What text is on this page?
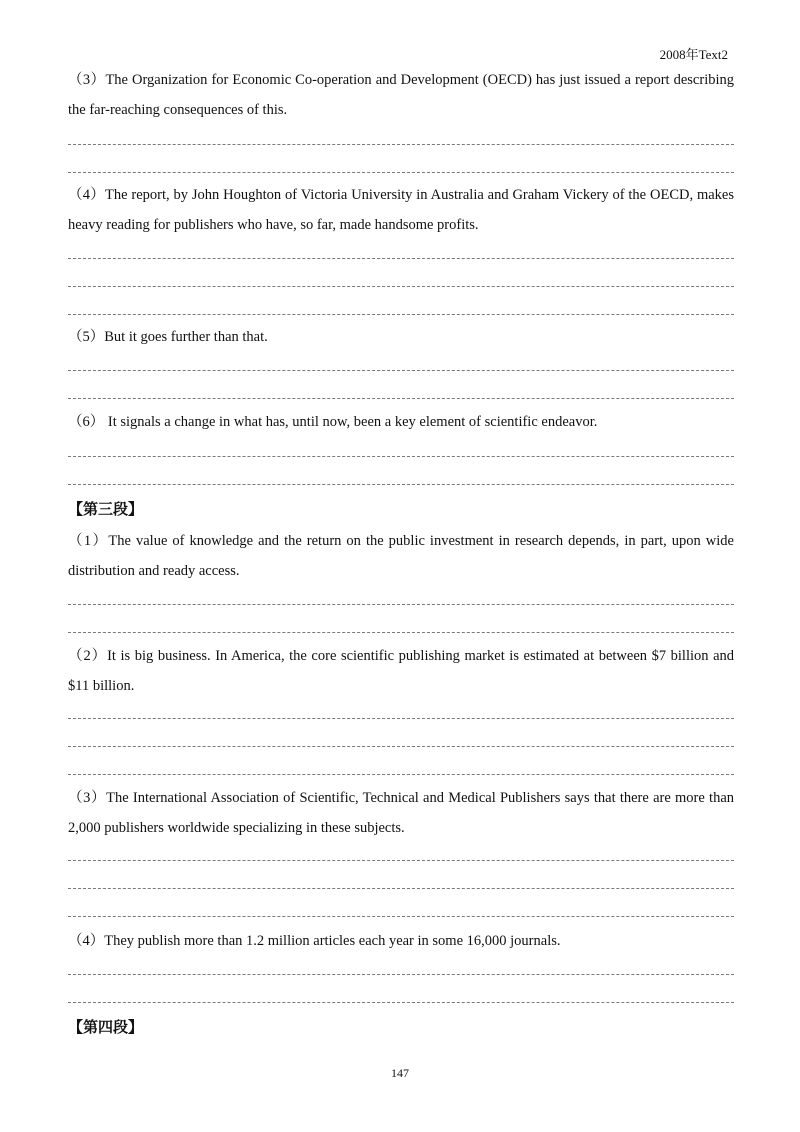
2008年Text2
（3）The Organization for Economic Co-operation and Development (OECD) has just issued a report describing the far-reaching consequences of this.
（4）The report, by John Houghton of Victoria University in Australia and Graham Vickery of the OECD, makes heavy reading for publishers who have, so far, made handsome profits.
（5）But it goes further than that.
（6） It signals a change in what has, until now, been a key element of scientific endeavor.
【第三段】
（1）The value of knowledge and the return on the public investment in research depends, in part, upon wide distribution and ready access.
（2）It is big business. In America, the core scientific publishing market is estimated at between $7 billion and $11 billion.
（3）The International Association of Scientific, Technical and Medical Publishers says that there are more than 2,000 publishers worldwide specializing in these subjects.
（4）They publish more than 1.2 million articles each year in some 16,000 journals.
【第四段】
147
